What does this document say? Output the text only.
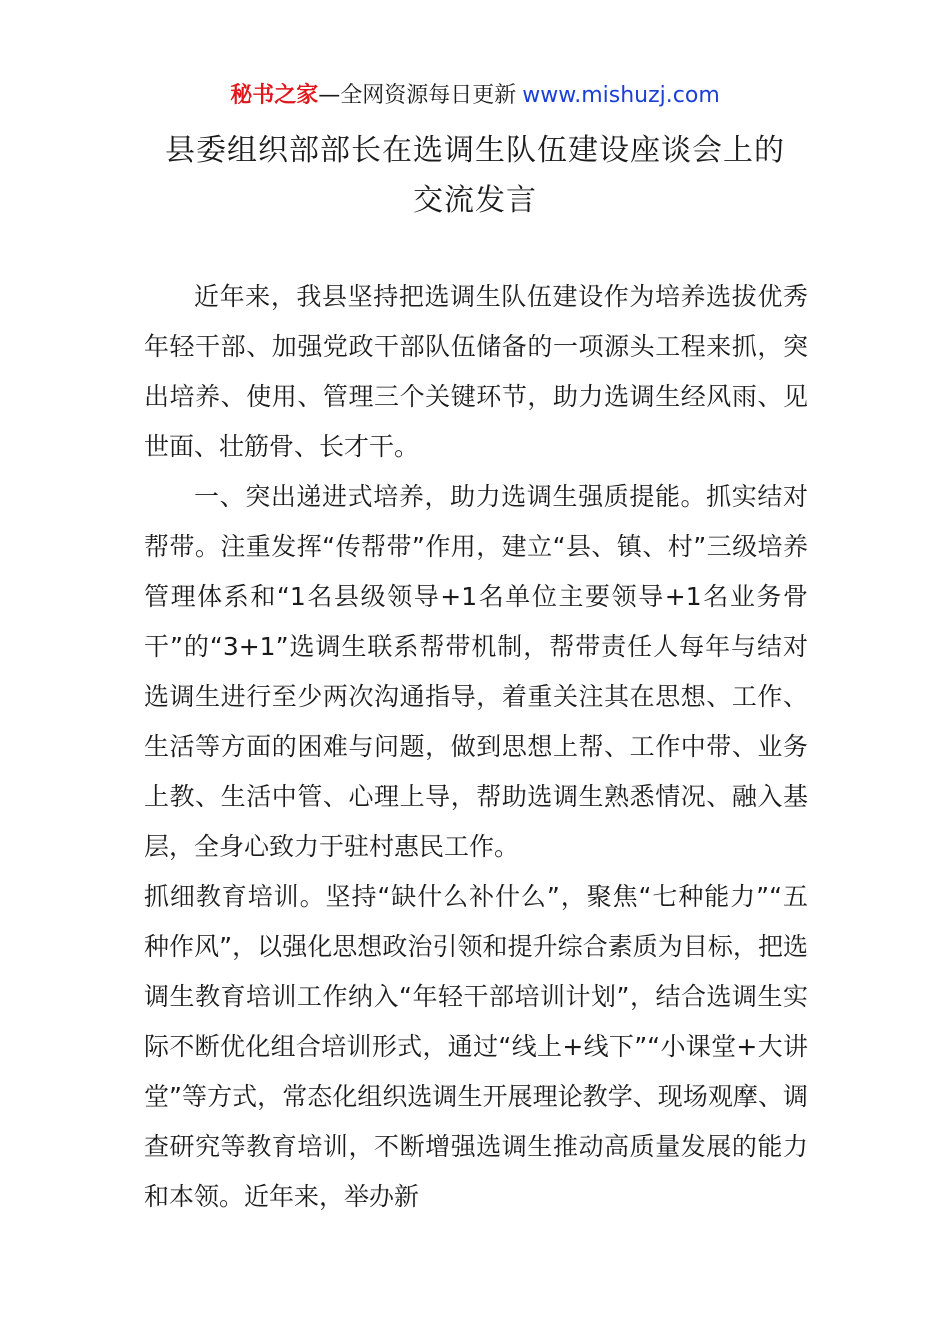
秘书之家—全网资源每日更新 www.mishuzj.com
县委组织部部长在选调生队伍建设座谈会上的
交流发言

近年来，我县坚持把选调生队伍建设作为培养选拔优秀年轻干部、加强党政干部队伍储备的一项源头工程来抓，突出培养、使用、管理三个关键环节，助力选调生经风雨、见世面、壮筋骨、长才干。

一、突出递进式培养，助力选调生强质提能。抓实结对帮带。注重发挥“传帮带”作用，建立“县、镇、村”三级培养管理体系和“1名县级领导+1名单位主要领导+1名业务骨干”的“3+1”选调生联系帮带机制，帮带责任人每年与结对选调生进行至少两次沟通指导，着重关注其在思想、工作、生活等方面的困难与问题，做到思想上帮、工作中带、业务上教、生活中管、心理上导，帮助选调生熟悉情况、融入基层，全身心致力于驻村惠民工作。

抓细教育培训。坚持“缺什么补什么”，聚焦“七种能力”“五种作风”，以强化思想政治引领和提升综合素质为目标，把选调生教育培训工作纳入“年轻干部培训计划”，结合选调生实际不断优化组合培训形式，通过“线上+线下”“小课堂+大讲堂”等方式，常态化组织选调生开展理论教学、现场观摩、调查研究等教育培训，不断增强选调生推动高质量发展的能力和本领。近年来，举办新
